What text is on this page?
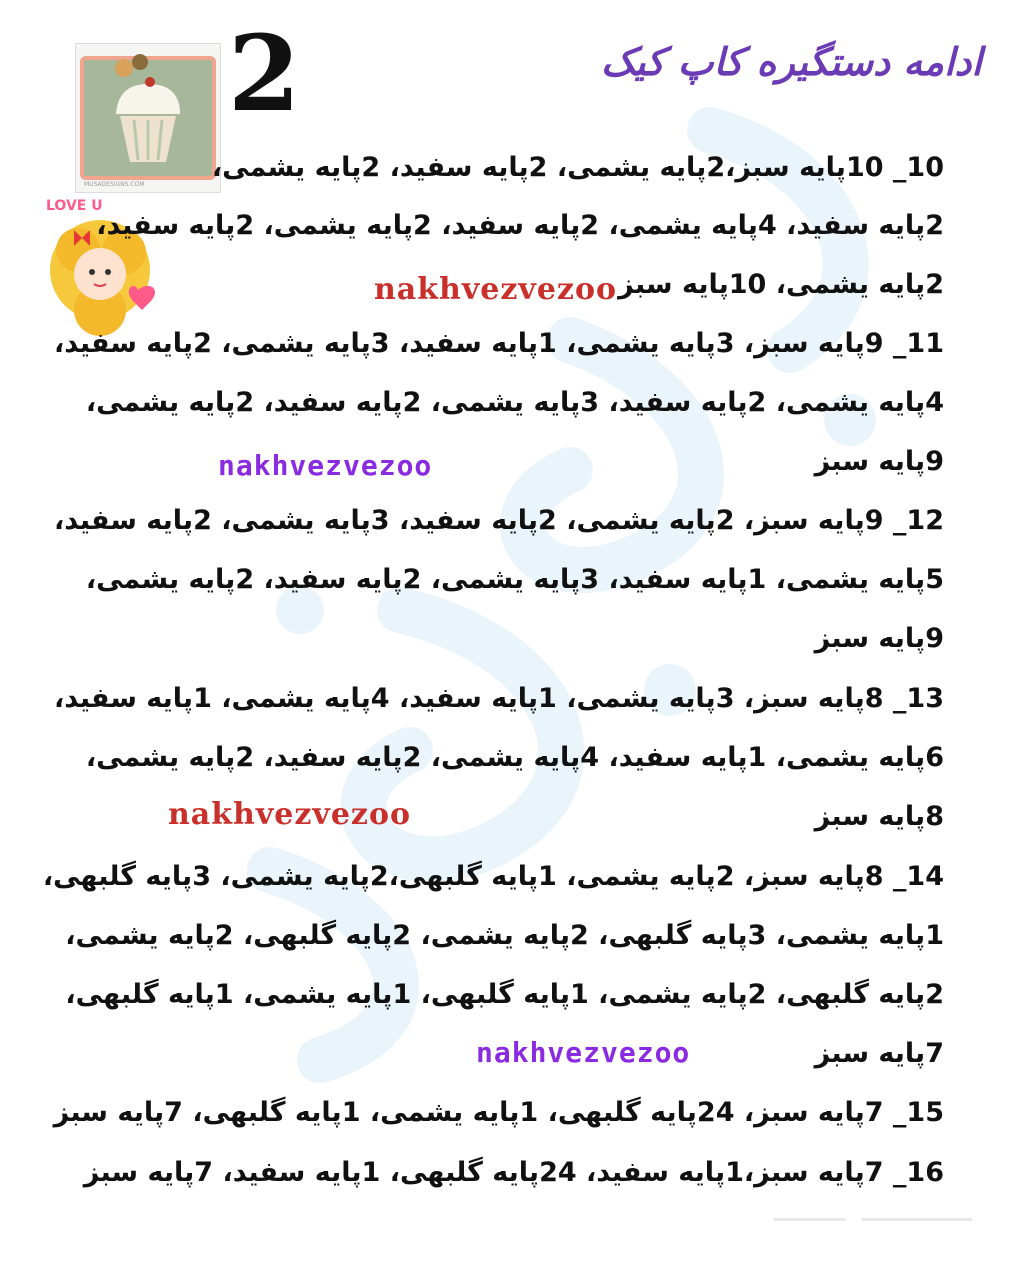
MUSADESIGNS.COM
2	ادامه دستگیره کاپ کیک
LOVE U
10_ 10پایه سبز،2پایه یشمی، 2پایه سفید، 2پایه یشمی،
2پایه سفید، 4پایه یشمی، 2پایه سفید، 2پایه یشمی، 2پایه سفید،
2پایه یشمی، 10پایه سبز
11_ 9پایه سبز، 3پایه یشمی، 1پایه سفید، 3پایه یشمی، 2پایه سفید،
4پایه یشمی، 2پایه سفید، 3پایه یشمی، 2پایه سفید، 2پایه یشمی،
9پایه سبز
12_ 9پایه سبز، 2پایه یشمی، 2پایه سفید، 3پایه یشمی، 2پایه سفید،
5پایه یشمی، 1پایه سفید، 3پایه یشمی، 2پایه سفید، 2پایه یشمی،
9پایه سبز
13_ 8پایه سبز، 3پایه یشمی، 1پایه سفید، 4پایه یشمی، 1پایه سفید،
6پایه یشمی، 1پایه سفید، 4پایه یشمی، 2پایه سفید، 2پایه یشمی،
8پایه سبز
14_ 8پایه سبز، 2پایه یشمی، 1پایه گلبهی،2پایه یشمی، 3پایه گلبهی،
1پایه یشمی، 3پایه گلبهی، 2پایه یشمی، 2پایه گلبهی، 2پایه یشمی،
2پایه گلبهی، 2پایه یشمی، 1پایه گلبهی، 1پایه یشمی، 1پایه گلبهی،
7پایه سبز
15_ 7پایه سبز، 24پایه گلبهی، 1پایه یشمی، 1پایه گلبهی، 7پایه سبز
16_ 7پایه سبز،1پایه سفید، 24پایه گلبهی، 1پایه سفید، 7پایه سبز
nakhvezvezoo
nakhvezvezoo
nakhvezvezoo
nakhvezvezoo
